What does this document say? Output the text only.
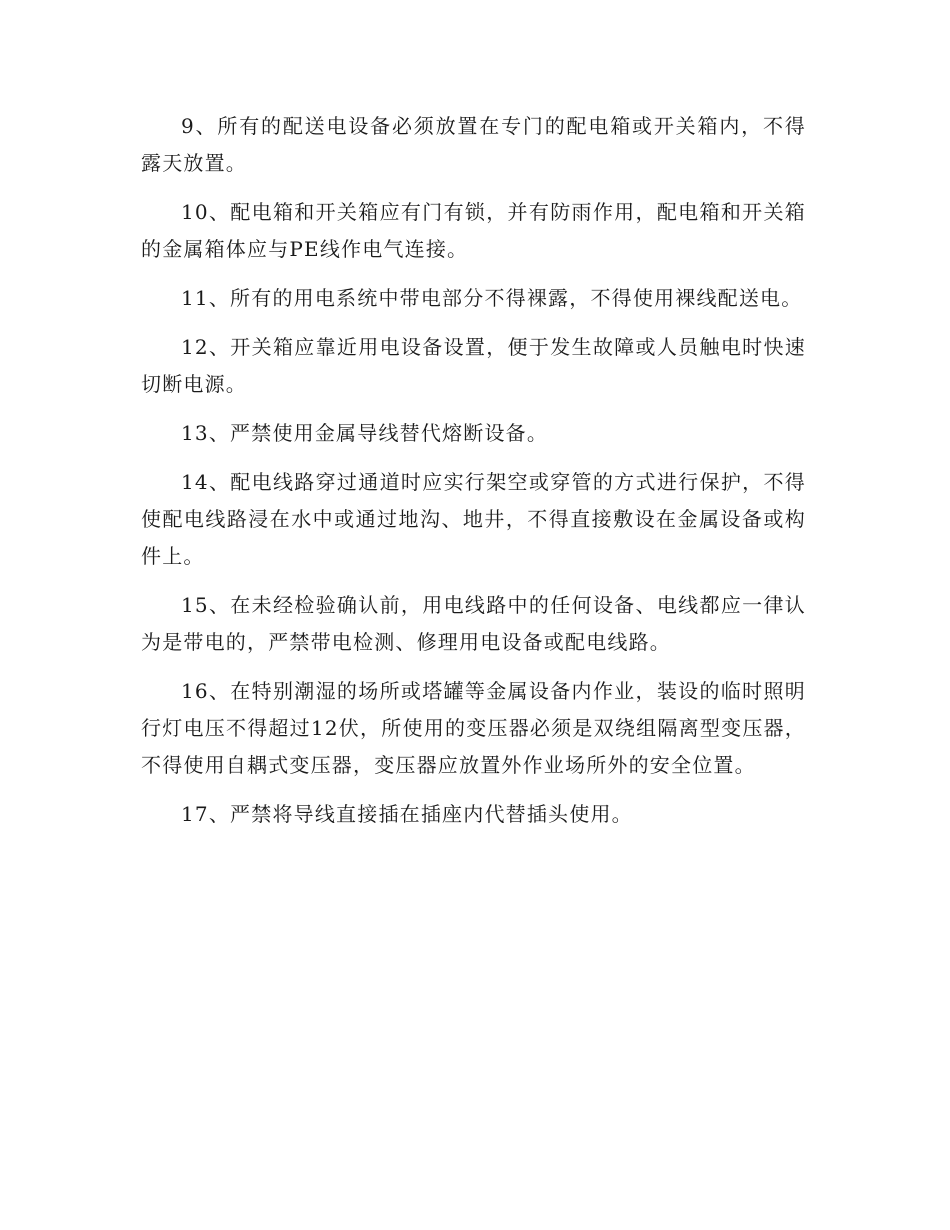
9、所有的配送电设备必须放置在专门的配电箱或开关箱内，不得露天放置。

10、配电箱和开关箱应有门有锁，并有防雨作用，配电箱和开关箱的金属箱体应与PE线作电气连接。

11、所有的用电系统中带电部分不得裸露，不得使用裸线配送电。

12、开关箱应靠近用电设备设置，便于发生故障或人员触电时快速切断电源。

13、严禁使用金属导线替代熔断设备。

14、配电线路穿过通道时应实行架空或穿管的方式进行保护，不得使配电线路浸在水中或通过地沟、地井，不得直接敷设在金属设备或构件上。

15、在未经检验确认前，用电线路中的任何设备、电线都应一律认为是带电的，严禁带电检测、修理用电设备或配电线路。

16、在特别潮湿的场所或塔罐等金属设备内作业，装设的临时照明行灯电压不得超过12伏，所使用的变压器必须是双绕组隔离型变压器，不得使用自耦式变压器，变压器应放置外作业场所外的安全位置。

17、严禁将导线直接插在插座内代替插头使用。
